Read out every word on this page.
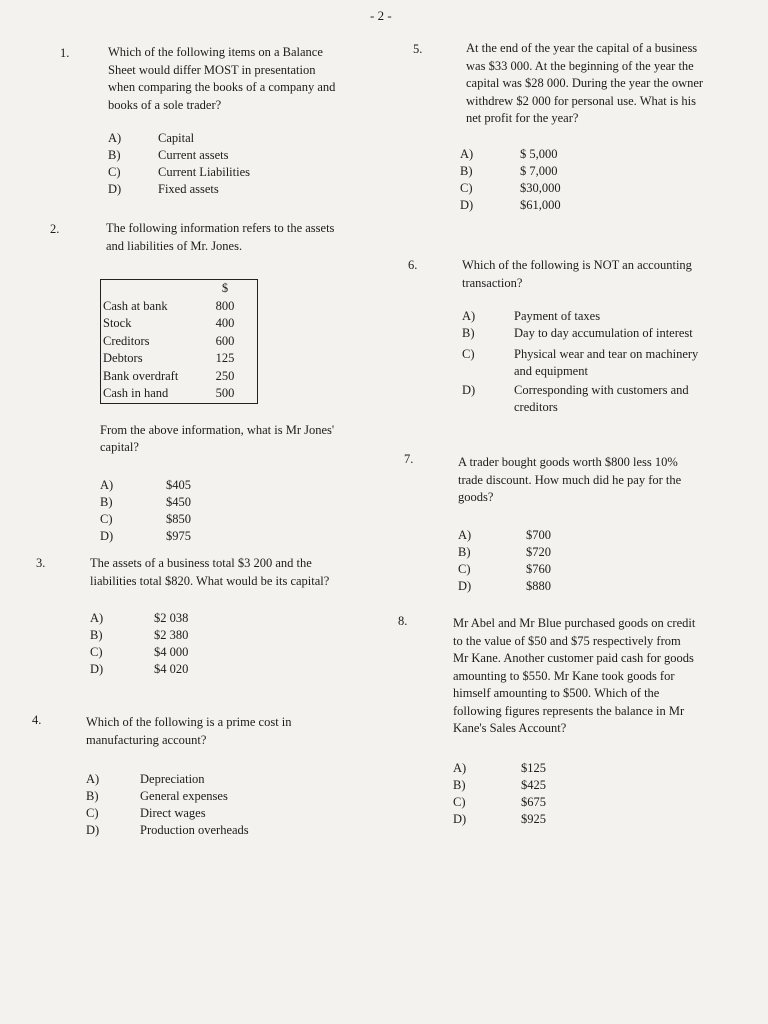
- 2 -
1.	Which of the following items on a Balance Sheet would differ MOST in presentation when comparing the books of a company and books of a sole trader?
A)	Capital
B)	Current assets
C)	Current Liabilities
D)	Fixed assets
2.	The following information refers to the assets and liabilities of Mr. Jones.
	$
Cash at bank	800
Stock	400
Creditors	600
Debtors	125
Bank overdraft	250
Cash in hand	500
From the above information, what is Mr Jones' capital?
A)	$405
B)	$450
C)	$850
D)	$975
3.	The assets of a business total $3 200 and the liabilities total $820. What would be its capital?
A)	$2 038
B)	$2 380
C)	$4 000
D)	$4 020
4.	Which of the following is a prime cost in manufacturing account?
A)	Depreciation
B)	General expenses
C)	Direct wages
D)	Production overheads
5.	At the end of the year the capital of a business was $33 000. At the beginning of the year the capital was $28 000. During the year the owner withdrew $2 000 for personal use. What is his net profit for the year?
A)	$ 5,000
B)	$ 7,000
C)	$30,000
D)	$61,000
6.	Which of the following is NOT an accounting transaction?
A)	Payment of taxes
B)	Day to day accumulation of interest
C)	Physical wear and tear on machinery and equipment
D)	Corresponding with customers and creditors
7.	A trader bought goods worth $800 less 10% trade discount. How much did he pay for the goods?
A)	$700
B)	$720
C)	$760
D)	$880
8.	Mr Abel and Mr Blue purchased goods on credit to the value of $50 and $75 respectively from Mr Kane. Another customer paid cash for goods amounting to $550. Mr Kane took goods for himself amounting to $500. Which of the following figures represents the balance in Mr Kane's Sales Account?
A)	$125
B)	$425
C)	$675
D)	$925
